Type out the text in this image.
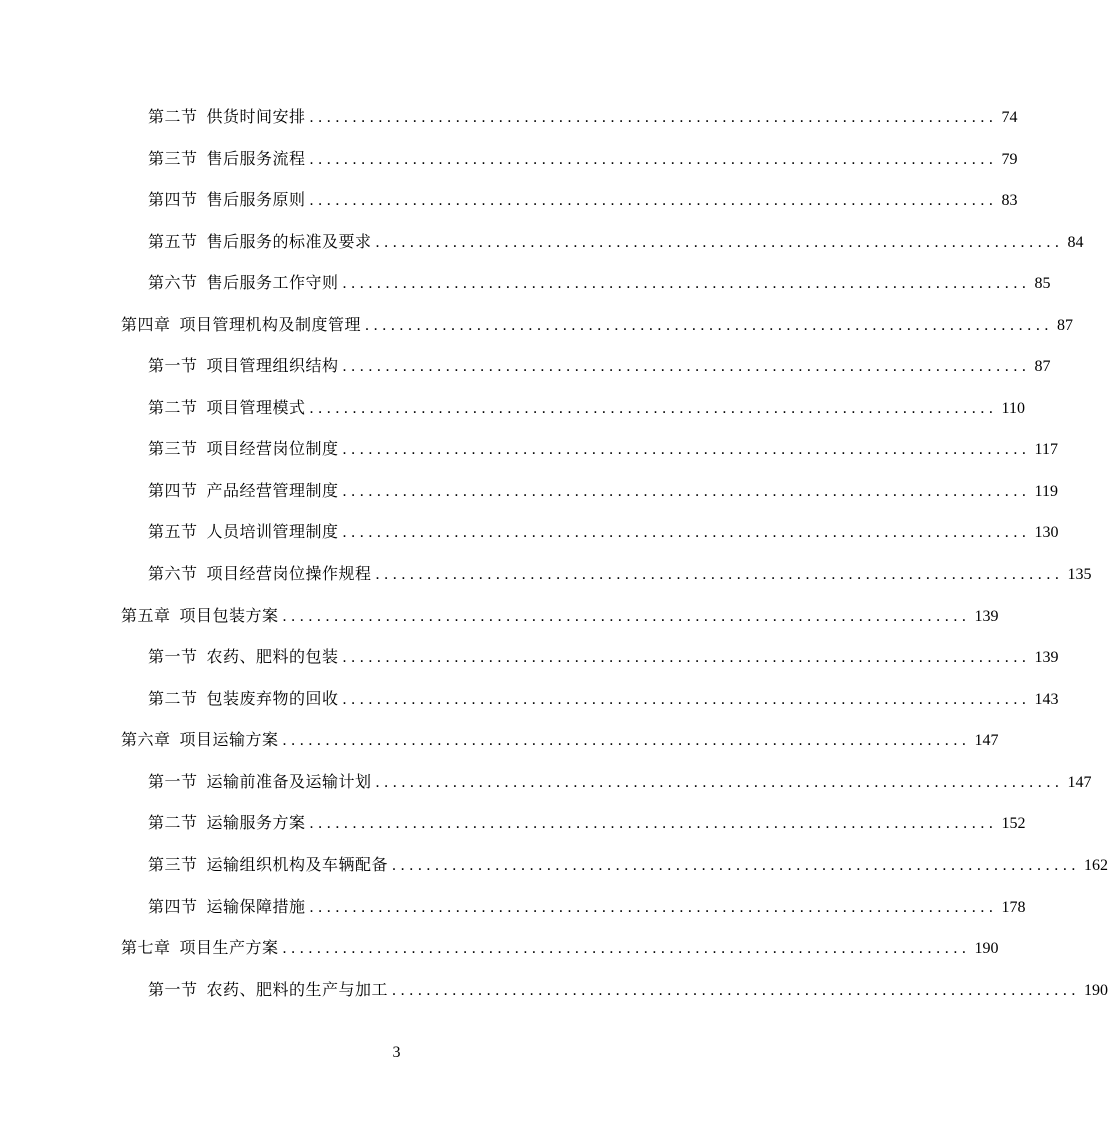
第二节 供货时间安排 ................................................................................ 74
第三节 售后服务流程 ................................................................................ 79
第四节 售后服务原则 ................................................................................ 83
第五节 售后服务的标准及要求 ................................................................................ 84
第六节 售后服务工作守则 ................................................................................ 85
第四章 项目管理机构及制度管理 ................................................................................ 87
第一节 项目管理组织结构 ................................................................................ 87
第二节 项目管理模式 ................................................................................ 110
第三节 项目经营岗位制度 ................................................................................ 117
第四节 产品经营管理制度 ................................................................................ 119
第五节 人员培训管理制度 ................................................................................ 130
第六节 项目经营岗位操作规程 ................................................................................ 135
第五章 项目包装方案 ................................................................................ 139
第一节 农药、肥料的包装 ................................................................................ 139
第二节 包装废弃物的回收 ................................................................................ 143
第六章 项目运输方案 ................................................................................ 147
第一节 运输前准备及运输计划 ................................................................................ 147
第二节 运输服务方案 ................................................................................ 152
第三节 运输组织机构及车辆配备 ................................................................................ 162
第四节 运输保障措施 ................................................................................ 178
第七章 项目生产方案 ................................................................................ 190
第一节 农药、肥料的生产与加工 ................................................................................ 190
3
